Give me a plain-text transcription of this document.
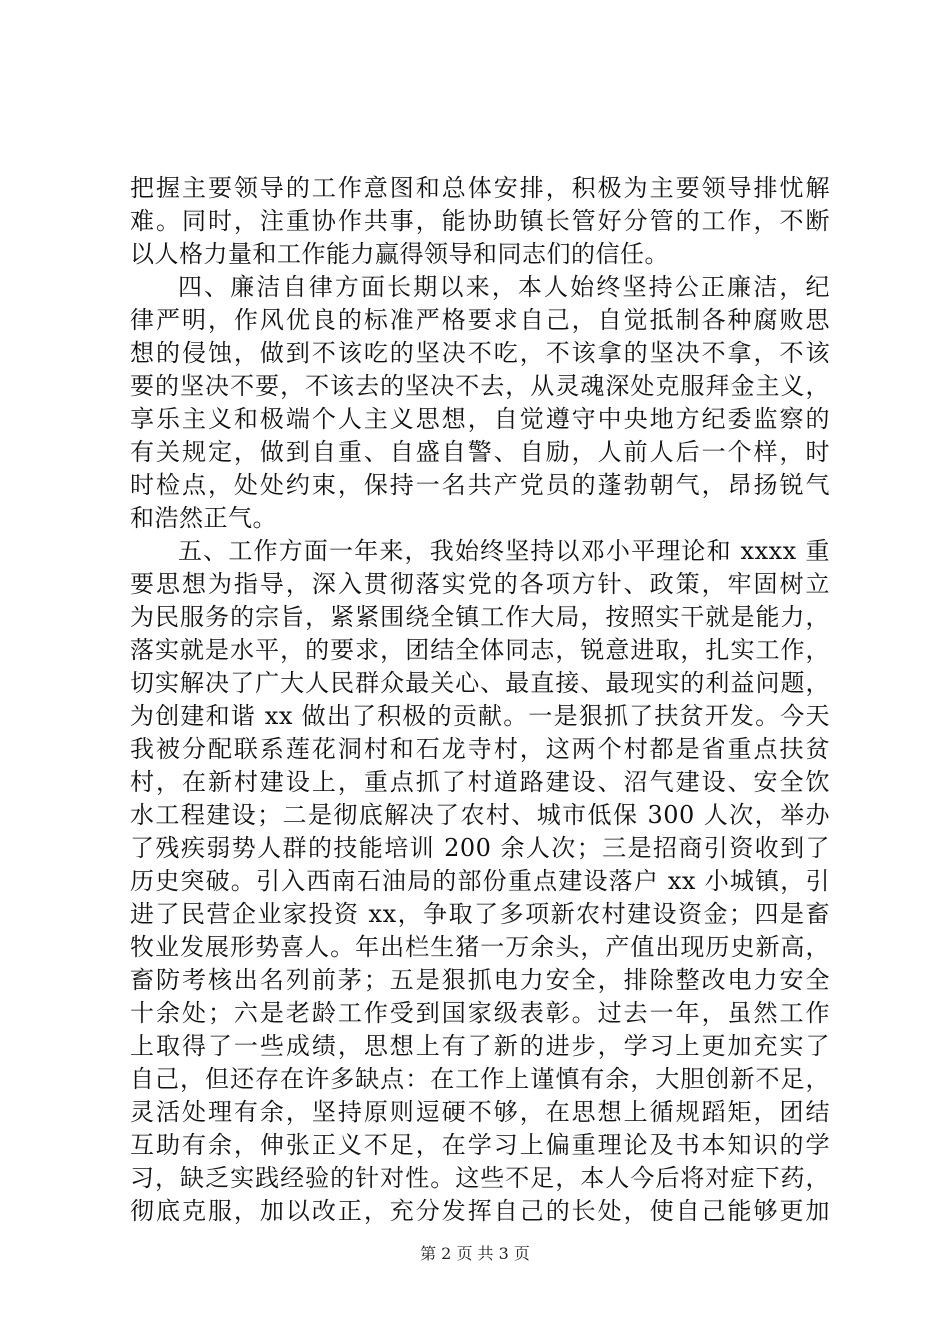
把握主要领导的工作意图和总体安排，积极为主要领导排忧解
难。同时，注重协作共事，能协助镇长管好分管的工作，不断
以人格力量和工作能力赢得领导和同志们的信任。
四、廉洁自律方面长期以来，本人始终坚持公正廉洁，纪
律严明，作风优良的标准严格要求自己，自觉抵制各种腐败思
想的侵蚀，做到不该吃的坚决不吃，不该拿的坚决不拿，不该
要的坚决不要，不该去的坚决不去，从灵魂深处克服拜金主义，
享乐主义和极端个人主义思想，自觉遵守中央地方纪委监察的
有关规定，做到自重、自盛自警、自励，人前人后一个样，时
时检点，处处约束，保持一名共产党员的蓬勃朝气，昂扬锐气
和浩然正气。
五、工作方面一年来，我始终坚持以邓小平理论和 xxxx 重
要思想为指导，深入贯彻落实党的各项方针、政策，牢固树立
为民服务的宗旨，紧紧围绕全镇工作大局，按照实干就是能力，
落实就是水平，的要求，团结全体同志，锐意进取，扎实工作，
切实解决了广大人民群众最关心、最直接、最现实的利益问题，
为创建和谐 xx 做出了积极的贡献。一是狠抓了扶贫开发。今天
我被分配联系莲花洞村和石龙寺村，这两个村都是省重点扶贫
村，在新村建设上，重点抓了村道路建设、沼气建设、安全饮
水工程建设；二是彻底解决了农村、城市低保 300 人次，举办
了残疾弱势人群的技能培训 200 余人次；三是招商引资收到了
历史突破。引入西南石油局的部份重点建设落户 xx 小城镇，引
进了民营企业家投资 xx，争取了多项新农村建设资金；四是畜
牧业发展形势喜人。年出栏生猪一万余头，产值出现历史新高，
畜防考核出名列前茅；五是狠抓电力安全，排除整改电力安全
十余处；六是老龄工作受到国家级表彰。过去一年，虽然工作
上取得了一些成绩，思想上有了新的进步，学习上更加充实了
自己，但还存在许多缺点：在工作上谨慎有余，大胆创新不足，
灵活处理有余，坚持原则逗硬不够，在思想上循规蹈矩，团结
互助有余，伸张正义不足，在学习上偏重理论及书本知识的学
习，缺乏实践经验的针对性。这些不足，本人今后将对症下药，
彻底克服，加以改正，充分发挥自己的长处，使自己能够更加
第 2 页 共 3 页
